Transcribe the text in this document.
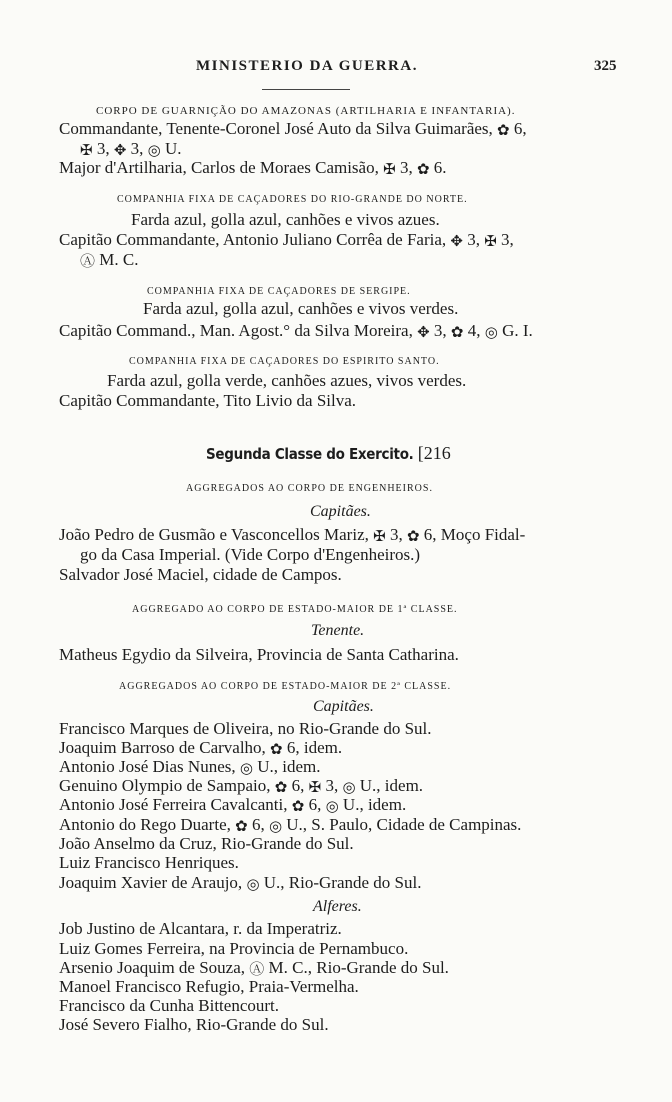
MINISTERIO DA GUERRA.	325
CORPO DE GUARNIÇÃO DO AMAZONAS (ARTILHARIA E INFANTARIA).
Commandante, Tenente-Coronel José Auto da Silva Guimarães, ✿ 6,
✠ 3, ✥ 3, ◎ U.
Major d'Artilharia, Carlos de Moraes Camisão, ✠ 3, ✿ 6.
COMPANHIA FIXA DE CAÇADORES DO RIO-GRANDE DO NORTE.
Farda azul, golla azul, canhões e vivos azues.
Capitão Commandante, Antonio Juliano Corrêa de Faria, ✥ 3, ✠ 3,
Ⓐ M. C.
COMPANHIA FIXA DE CAÇADORES DE SERGIPE.
Farda azul, golla azul, canhões e vivos verdes.
Capitão Command., Man. Agost.° da Silva Moreira, ✥ 3, ✿ 4, ◎ G. I.
COMPANHIA FIXA DE CAÇADORES DO ESPIRITO SANTO.
Farda azul, golla verde, canhões azues, vivos verdes.
Capitão Commandante, Tito Livio da Silva.
Segunda Classe do Exercito. [216
AGGREGADOS AO CORPO DE ENGENHEIROS.
Capitães.
João Pedro de Gusmão e Vasconcellos Mariz, ✠ 3, ✿ 6, Moço Fidal-
go da Casa Imperial. (Vide Corpo d'Engenheiros.)
Salvador José Maciel, cidade de Campos.
AGGREGADO AO CORPO DE ESTADO-MAIOR DE 1ª CLASSE.
Tenente.
Matheus Egydio da Silveira, Provincia de Santa Catharina.
AGGREGADOS AO CORPO DE ESTADO-MAIOR DE 2ª CLASSE.
Capitães.
Francisco Marques de Oliveira, no Rio-Grande do Sul.
Joaquim Barroso de Carvalho, ✿ 6, idem.
Antonio José Dias Nunes, ◎ U., idem.
Genuino Olympio de Sampaio, ✿ 6, ✠ 3, ◎ U., idem.
Antonio José Ferreira Cavalcanti, ✿ 6, ◎ U., idem.
Antonio do Rego Duarte, ✿ 6, ◎ U., S. Paulo, Cidade de Campinas.
João Anselmo da Cruz, Rio-Grande do Sul.
Luiz Francisco Henriques.
Joaquim Xavier de Araujo, ◎ U., Rio-Grande do Sul.
Alferes.
Job Justino de Alcantara, r. da Imperatriz.
Luiz Gomes Ferreira, na Provincia de Pernambuco.
Arsenio Joaquim de Souza, Ⓐ M. C., Rio-Grande do Sul.
Manoel Francisco Refugio, Praia-Vermelha.
Francisco da Cunha Bittencourt.
José Severo Fialho, Rio-Grande do Sul.
